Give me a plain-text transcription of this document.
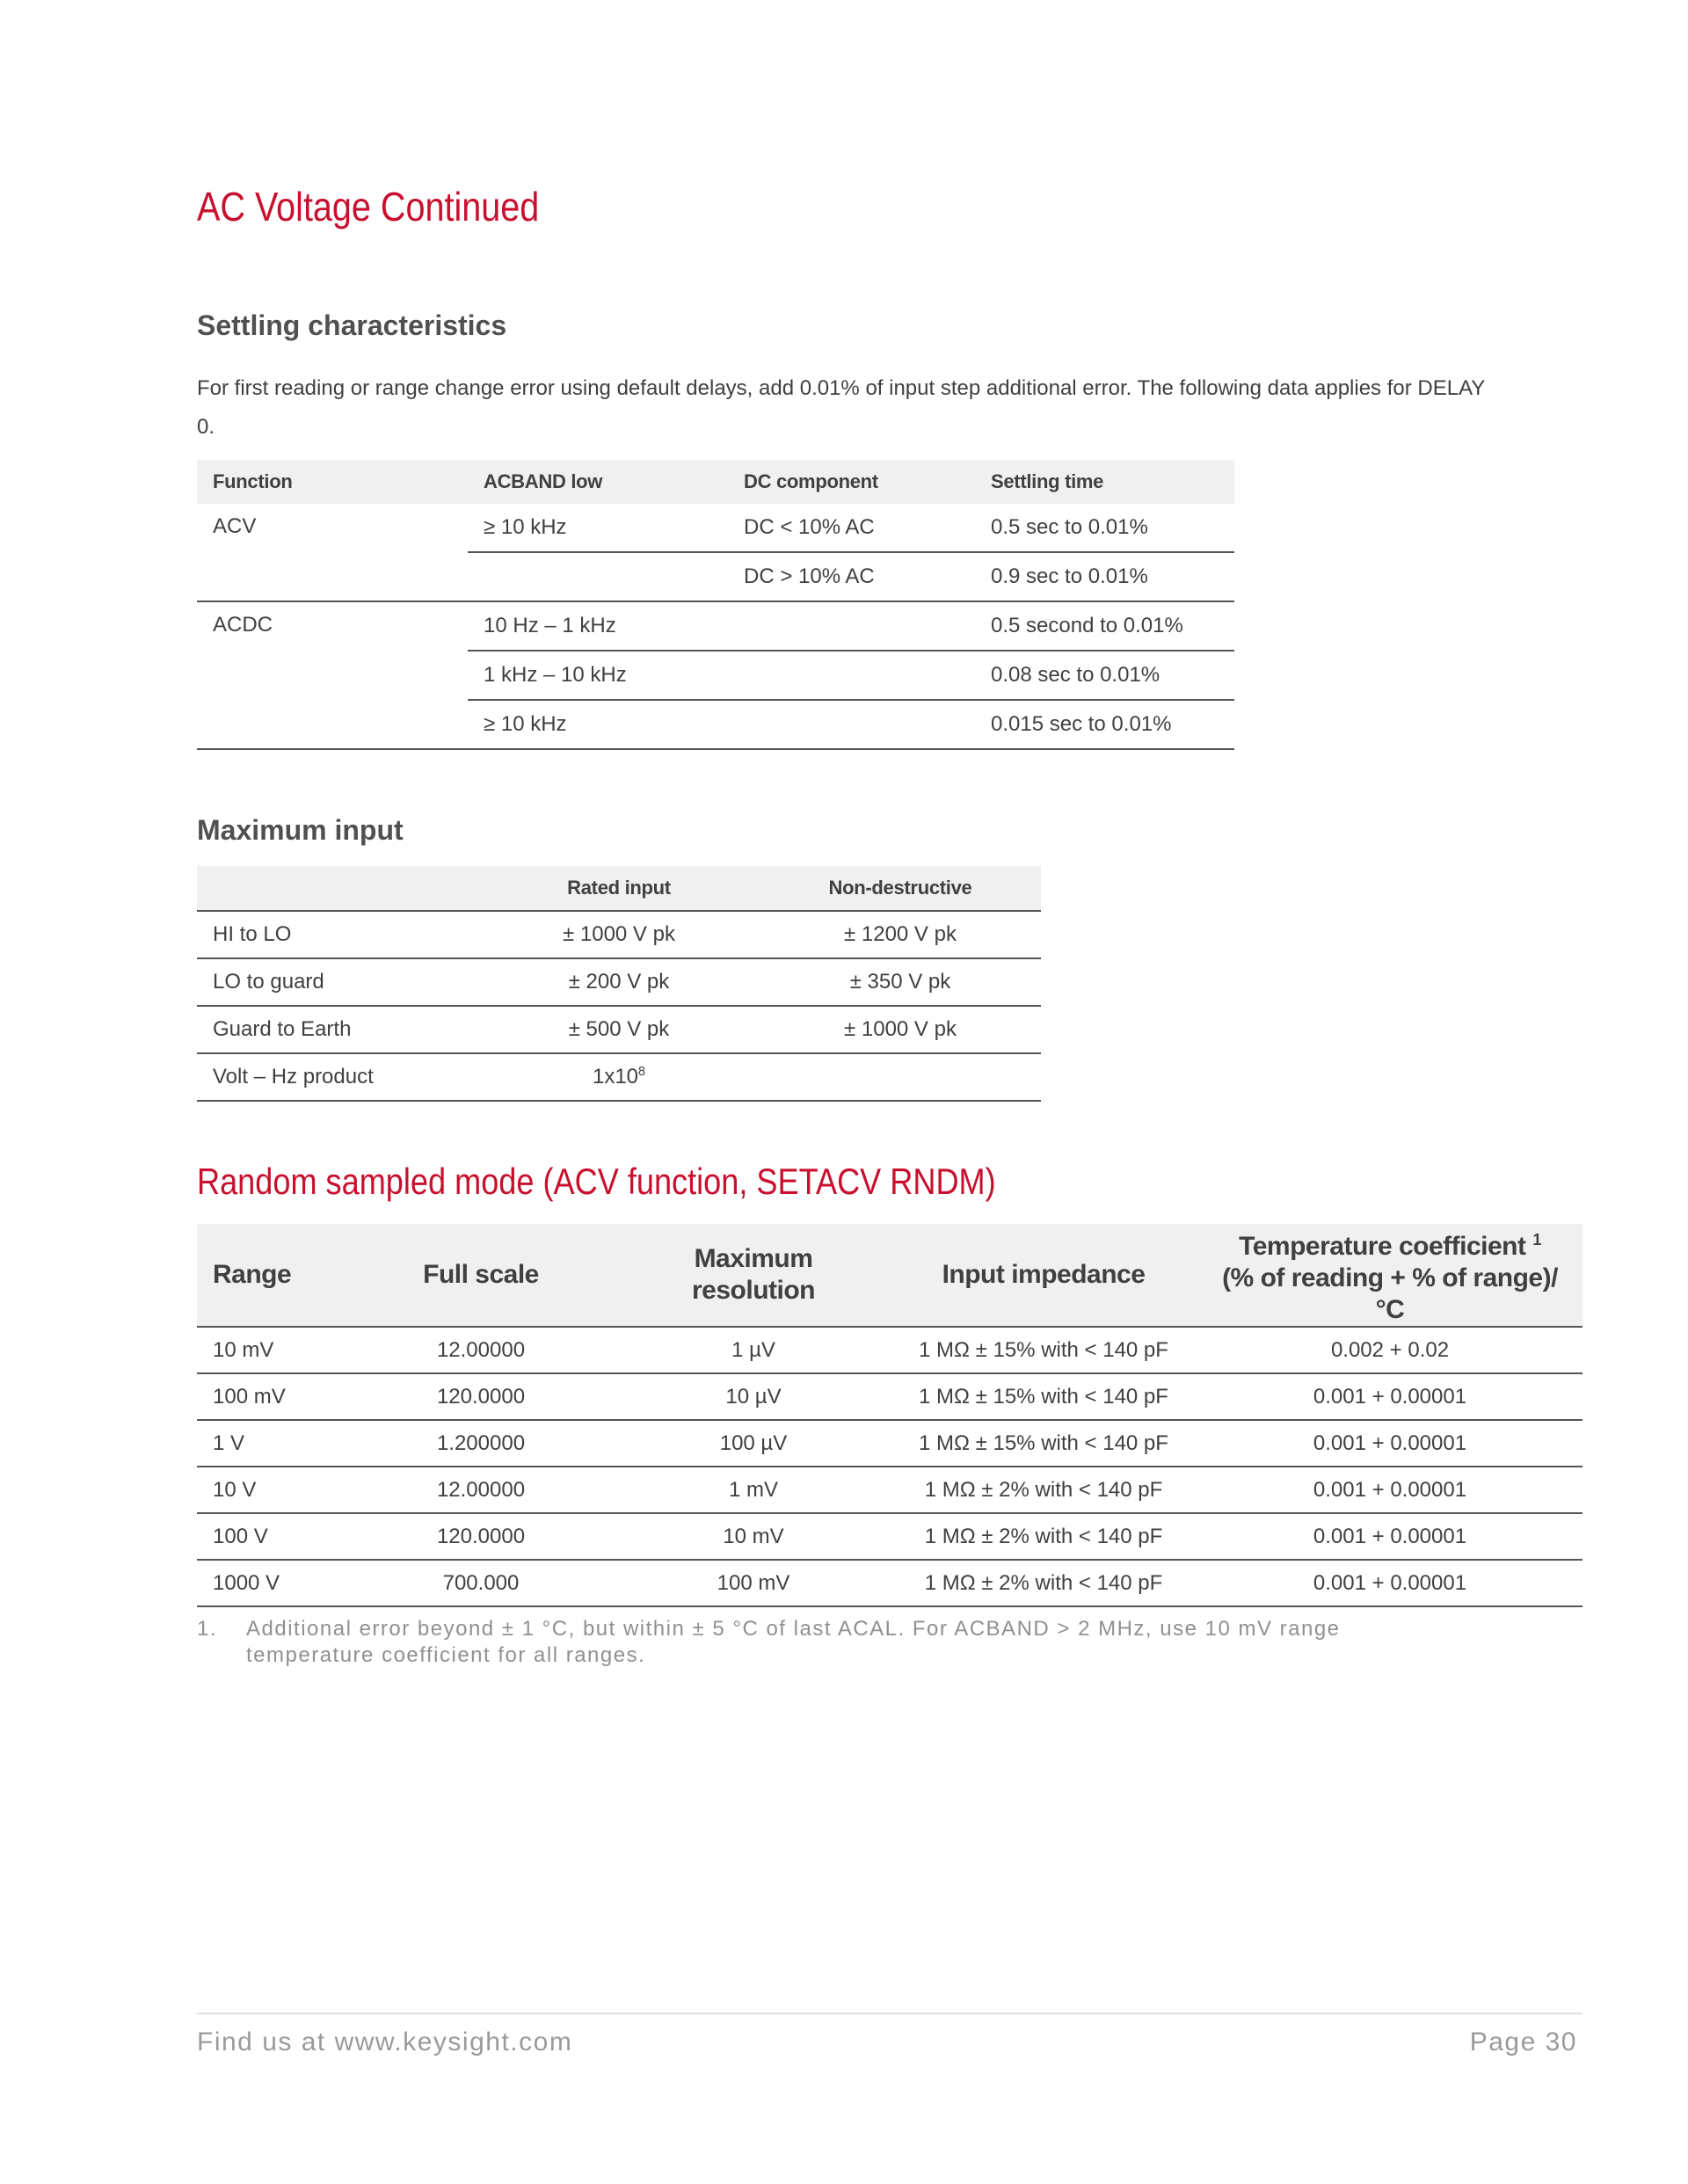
AC Voltage Continued
Settling characteristics

For first reading or range change error using default delays, add 0.01% of input step additional error. The following data applies for DELAY 0.

Function	ACBAND low	DC component	Settling time
ACV	≥ 10 kHz	DC < 10% AC	0.5 sec to 0.01%
		DC > 10% AC	0.9 sec to 0.01%
ACDC	10 Hz – 1 kHz		0.5 second to 0.01%
	1 kHz – 10 kHz		0.08 sec to 0.01%
	≥ 10 kHz		0.015 sec to 0.01%
Maximum input
	Rated input	Non-destructive
HI to LO	± 1000 V pk	± 1200 V pk
LO to guard	± 200 V pk	± 350 V pk
Guard to Earth	± 500 V pk	± 1000 V pk
Volt – Hz product	$1x10^8$	
Random sampled mode (ACV function, SETACV RNDM)
Range	Full scale	Maximum resolution	Input impedance	Temperature coefficient $^1$
(% of reading + % of range)/ °C
10 mV	12.00000	1 µV	1 MΩ ± 15% with < 140 pF	0.002 + 0.02
100 mV	120.0000	10 µV	1 MΩ ± 15% with < 140 pF	0.001 + 0.00001
1 V	1.200000	100 µV	1 MΩ ± 15% with < 140 pF	0.001 + 0.00001
10 V	12.00000	1 mV	1 MΩ ± 2% with < 140 pF	0.001 + 0.00001
100 V	120.0000	10 mV	1 MΩ ± 2% with < 140 pF	0.001 + 0.00001
1000 V	700.000	100 mV	1 MΩ ± 2% with < 140 pF	0.001 + 0.00001
1. Additional error beyond ± 1 °C, but within ± 5 °C of last ACAL. For ACBAND > 2 MHz, use 10 mV range temperature coefficient for all ranges.
Find us at www.keysight.com	Page 30
